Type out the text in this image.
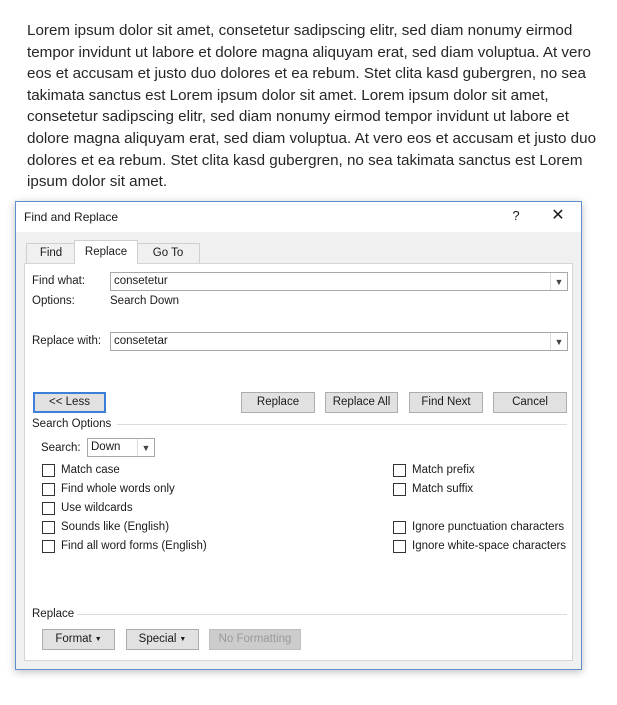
Lorem ipsum dolor sit amet, consetetur sadipscing elitr, sed diam nonumy eirmod tempor invidunt ut labore et dolore magna aliquyam erat, sed diam voluptua. At vero eos et accusam et justo duo dolores et ea rebum. Stet clita kasd gubergren, no sea takimata sanctus est Lorem ipsum dolor sit amet. Lorem ipsum dolor sit amet, consetetur sadipscing elitr, sed diam nonumy eirmod tempor invidunt ut labore et dolore magna aliquyam erat, sed diam voluptua. At vero eos et accusam et justo duo dolores et ea rebum. Stet clita kasd gubergren, no sea takimata sanctus est Lorem ipsum dolor sit amet.
Find and Replace	? ✕
Find	Replace	Go To
Find what:	consetetur	▼
Options:	Search Down
Replace with: consetetar	▼
<< Less	Replace	Replace All	Find Next	Cancel
Search Options
Search: Down	▼
Match case
Find whole words only
Use wildcards
Sounds like (English)
Find all word forms (English)
Match prefix
Match suffix
Ignore punctuation characters
Ignore white-space characters
Replace
Format ▼	Special ▼	No Formatting
